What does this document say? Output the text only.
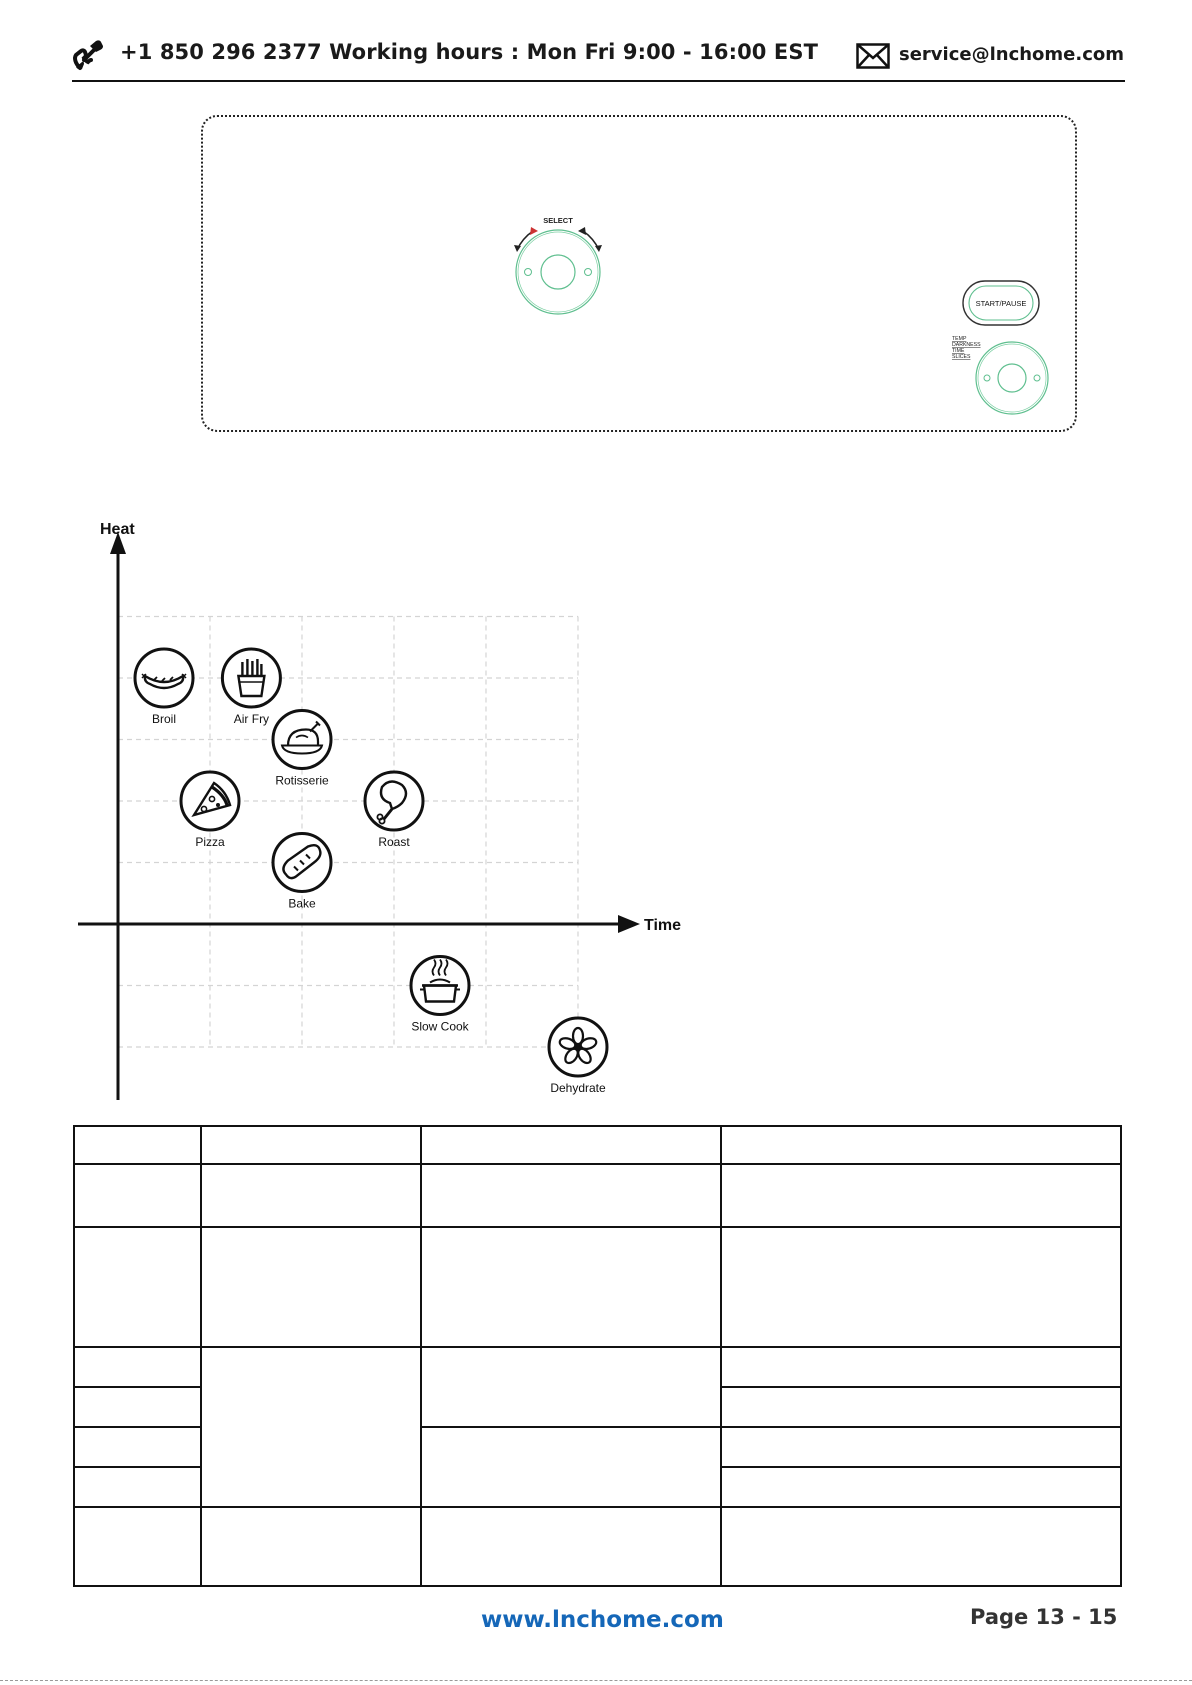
+1 850 296 2377 Working hours : Mon Fri 9:00 - 16:00 EST	service@lnchome.com
SELECT
START/PAUSE
TEMP
DARKNESS
TIME
SLICES
Heat
Time
Broil	Air Fry
Rotisserie
Pizza	Roast
Bake
Slow Cook
Dehydrate

www.lnchome.com	Page 13 - 15
